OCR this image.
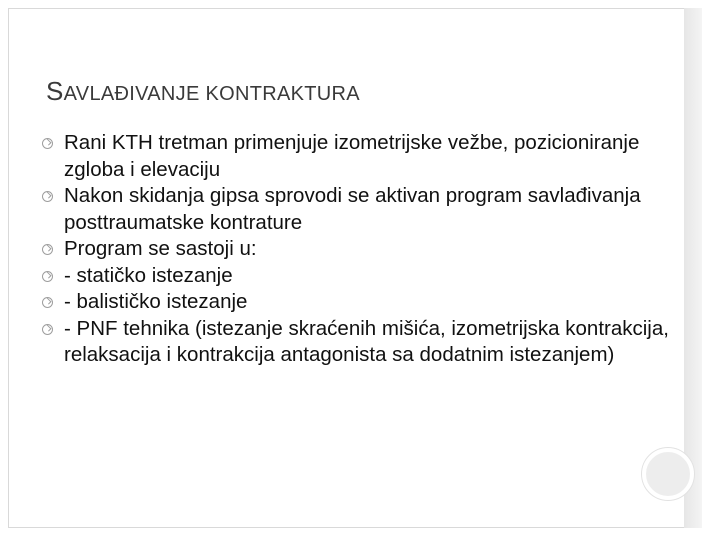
SAVLAĐIVANJE KONTRAKTURA
Rani KTH tretman primenjuje izometrijske vežbe, pozicioniranje zgloba i elevaciju
Nakon skidanja gipsa sprovodi se aktivan program savlađivanja posttraumatske kontrature
Program se sastoji u:
- statičko istezanje
- balističko istezanje
- PNF tehnika (istezanje skraćenih mišića, izometrijska kontrakcija, relaksacija i kontrakcija antagonista sa dodatnim istezanjem)
